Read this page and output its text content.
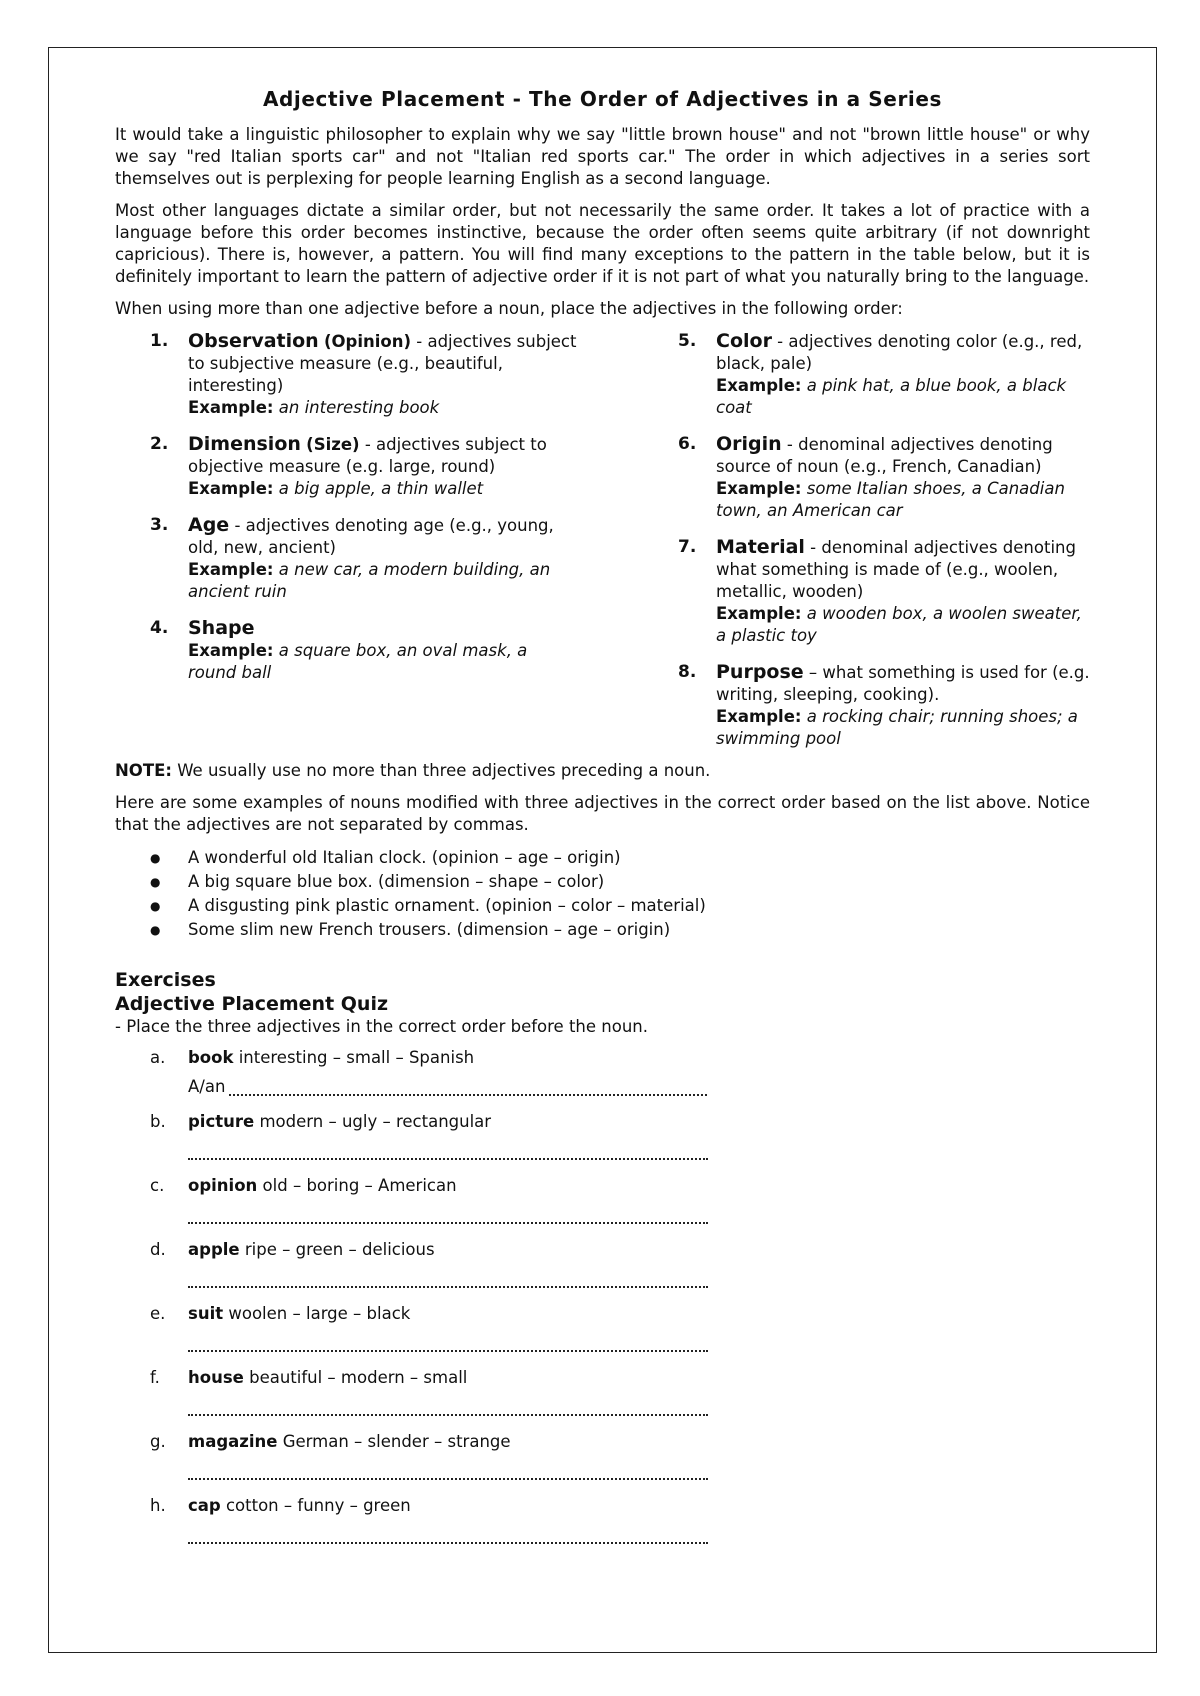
Adjective Placement - The Order of Adjectives in a Series

It would take a linguistic philosopher to explain why we say "little brown house" and not "brown little house" or why we say "red Italian sports car" and not "Italian red sports car." The order in which adjectives in a series sort themselves out is perplexing for people learning English as a second language.

Most other languages dictate a similar order, but not necessarily the same order. It takes a lot of practice with a language before this order becomes instinctive, because the order often seems quite arbitrary (if not downright capricious). There is, however, a pattern. You will find many exceptions to the pattern in the table below, but it is definitely important to learn the pattern of adjective order if it is not part of what you naturally bring to the language.

When using more than one adjective before a noun, place the adjectives in the following order:

1.	Observation (Opinion) - adjectives subject to subjective measure (e.g., beautiful, interesting)
Example: an interesting book
2.	Dimension (Size) - adjectives subject to objective measure (e.g. large, round)
Example: a big apple, a thin wallet
3.	Age - adjectives denoting age (e.g., young, old, new, ancient)
Example: a new car, a modern building, an ancient ruin
4.	Shape
Example: a square box, an oval mask, a round ball
5.	Color - adjectives denoting color (e.g., red, black, pale)
Example: a pink hat, a blue book, a black coat
6.	Origin - denominal adjectives denoting source of noun (e.g., French, Canadian)
Example: some Italian shoes, a Canadian town, an American car
7.	Material - denominal adjectives denoting what something is made of (e.g., woolen, metallic, wooden)
Example: a wooden box, a woolen sweater, a plastic toy
8.	Purpose – what something is used for (e.g. writing, sleeping, cooking).
Example: a rocking chair; running shoes; a swimming pool

NOTE: We usually use no more than three adjectives preceding a noun.

Here are some examples of nouns modified with three adjectives in the correct order based on the list above. Notice that the adjectives are not separated by commas.

●	A wonderful old Italian clock. (opinion – age – origin)
●	A big square blue box. (dimension – shape – color)
●	A disgusting pink plastic ornament. (opinion – color – material)
●	Some slim new French trousers. (dimension – age – origin)
Exercises
Adjective Placement Quiz
- Place the three adjectives in the correct order before the noun.
a.	book interesting – small – Spanish
A/an
b.	picture modern – ugly – rectangular
c.	opinion old – boring – American
d.	apple ripe – green – delicious
e.	suit woolen – large – black
f.	house beautiful – modern – small
g.	magazine German – slender – strange
h.	cap cotton – funny – green
